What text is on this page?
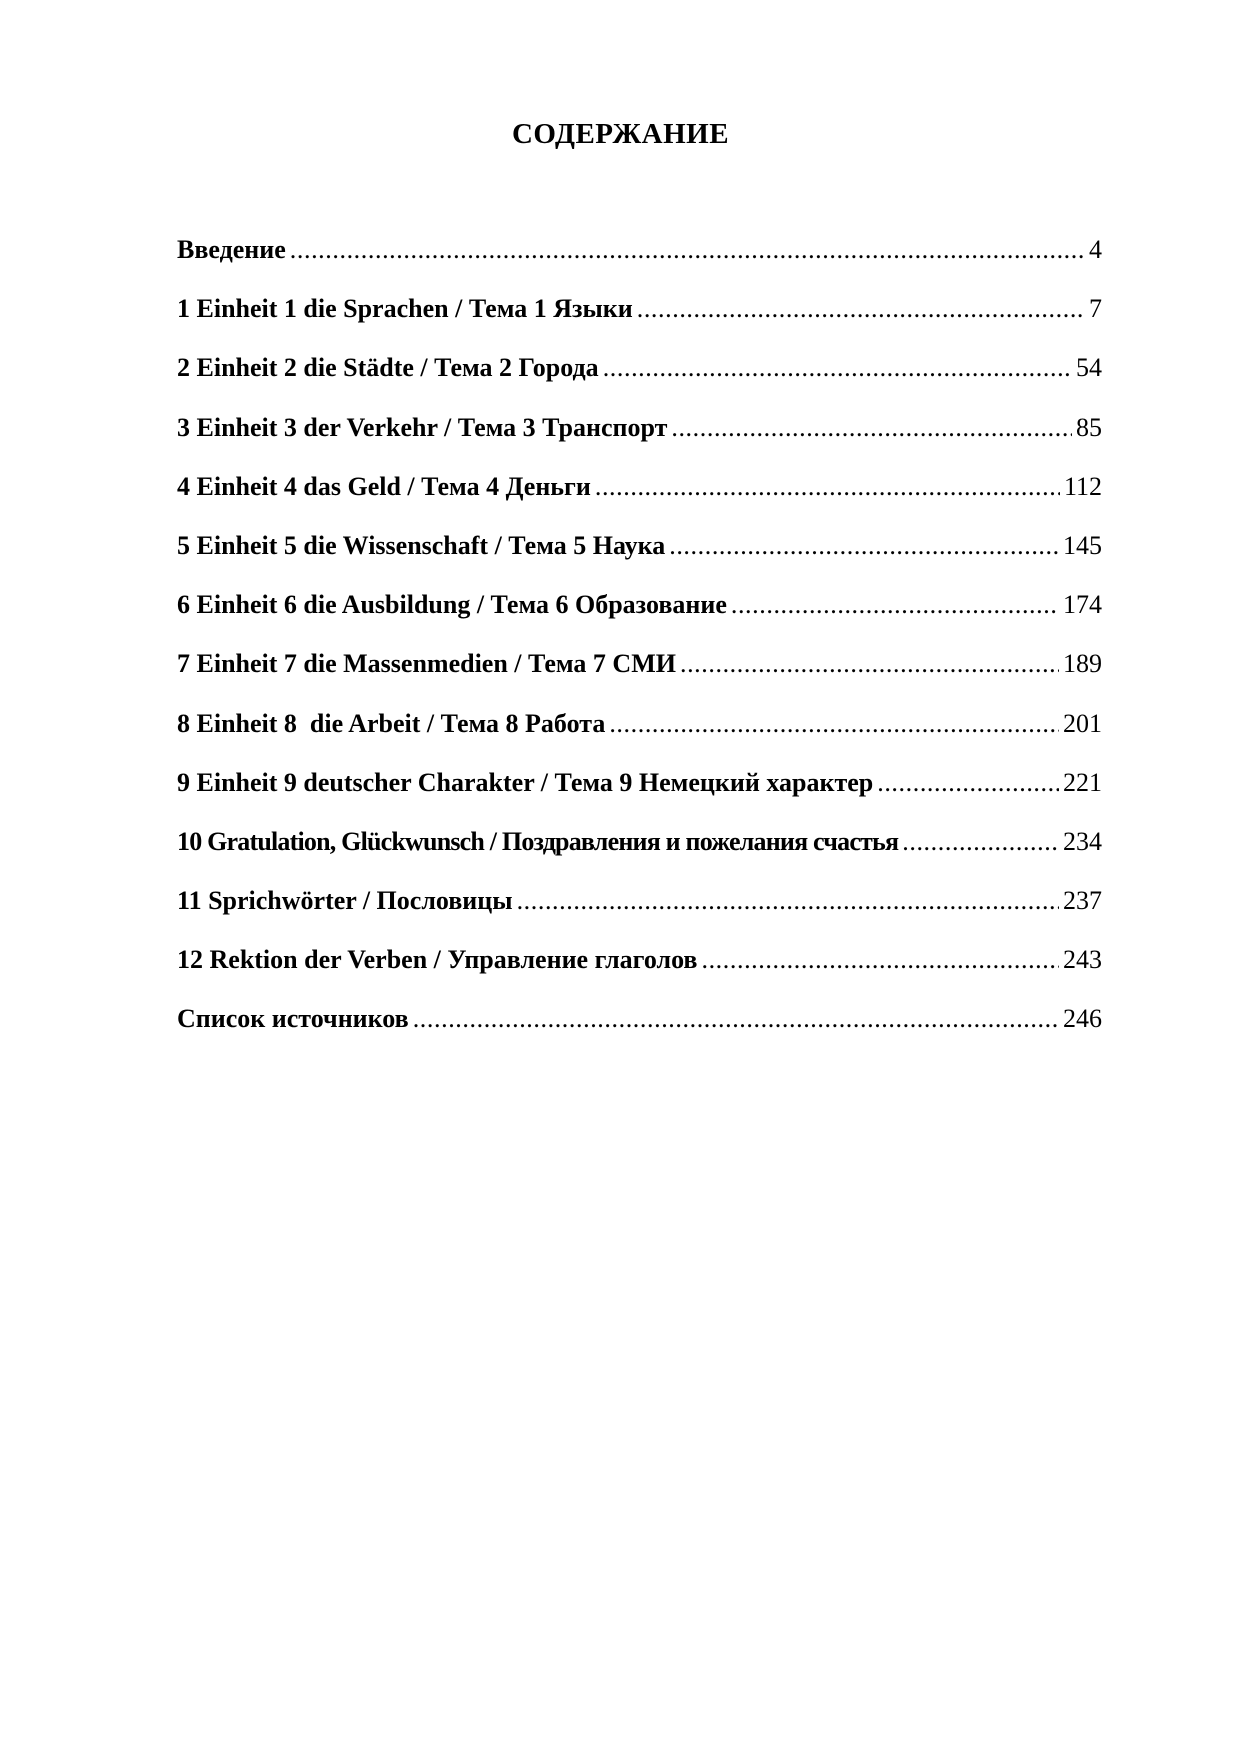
СОДЕРЖАНИЕ
Введение .....	4
1 Einheit 1 die Sprachen / Тема 1 Языки .....	7
2 Einheit 2 die Städte / Тема 2 Города .....	54
3 Einheit 3 der Verkehr / Тема 3 Транспорт .....	85
4 Einheit 4 das Geld / Тема 4 Деньги .....	112
5 Einheit 5 die Wissenschaft / Тема 5 Наука .....	145
6 Einheit 6 die Ausbildung / Тема 6 Образование .....	174
7 Einheit 7 die Massenmedien / Тема 7 СМИ .....	189
8 Einheit 8  die Arbeit / Тема 8 Работа .....	201
9 Einheit 9 deutscher Charakter / Тема 9 Немецкий характер .....	221
10 Gratulation, Glückwunsch / Поздравления и пожелания счастья .....	234
11 Sprichwörter / Пословицы .....	237
12 Rektion der Verben / Управление глаголов .....	243
Список источников .....	246
